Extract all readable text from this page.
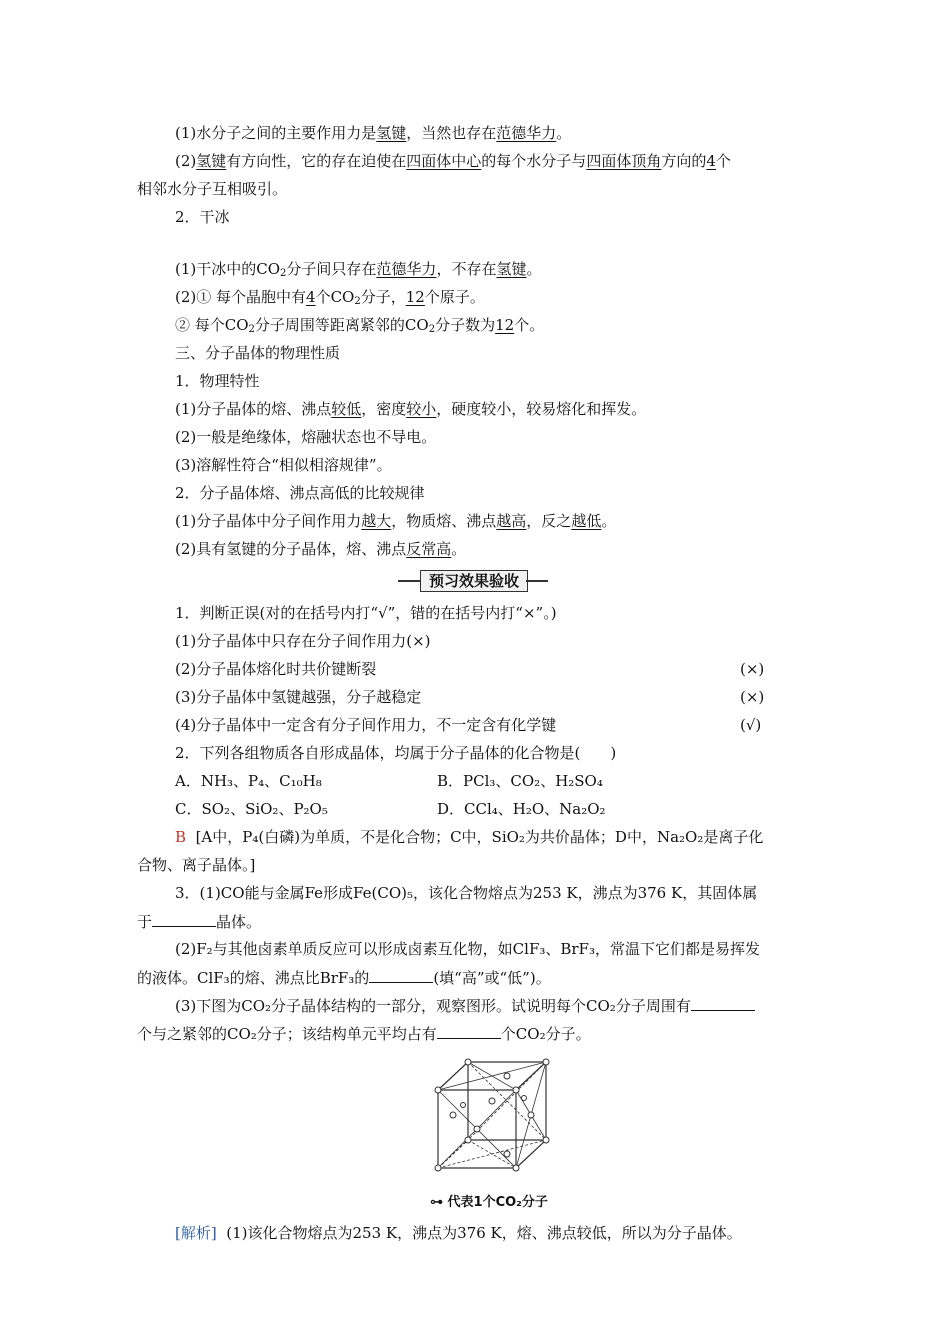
(1)水分子之间的主要作用力是氢键，当然也存在范德华力。
(2)氢键有方向性，它的存在迫使在四面体中心的每个水分子与四面体顶角方向的4个
相邻水分子互相吸引。
2．干冰
(1)干冰中的$CO_2$分子间只存在范德华力，不存在氢键。
(2)① 每个晶胞中有4个$CO_2$分子，12个原子。
② 每个$CO_2$分子周围等距离紧邻的$CO_2$分子数为12个。
三、分子晶体的物理性质
1．物理特性
(1)分子晶体的熔、沸点较低，密度较小，硬度较小，较易熔化和挥发。
(2)一般是绝缘体，熔融状态也不导电。
(3)溶解性符合“相似相溶规律”。
2．分子晶体熔、沸点高低的比较规律
(1)分子晶体中分子间作用力越大，物质熔、沸点越高，反之越低。
(2)具有氢键的分子晶体，熔、沸点反常高。
预习效果验收
1．判断正误(对的在括号内打“√”，错的在括号内打“×”。)
(1)分子晶体中只存在分子间作用力(×)
(2)分子晶体熔化时共价键断裂	(×)
(3)分子晶体中氢键越强，分子越稳定	(×)
(4)分子晶体中一定含有分子间作用力，不一定含有化学键	(√)
2．下列各组物质各自形成晶体，均属于分子晶体的化合物是(　　)
A．NH₃、P₄、C₁₀H₈	B．PCl₃、CO₂、H₂SO₄
C．SO₂、SiO₂、P₂O₅	D．CCl₄、H₂O、Na₂O₂
B [A中，P₄(白磷)为单质，不是化合物；C中，SiO₂为共价晶体；D中，Na₂O₂是离子化
合物、离子晶体。]
3．(1)CO能与金属Fe形成Fe(CO)₅，该化合物熔点为253 K，沸点为376 K，其固体属
于	晶体。
(2)F₂与其他卤素单质反应可以形成卤素互化物，如ClF₃、BrF₃，常温下它们都是易挥发
的液体。ClF₃的熔、沸点比BrF₃的	(填“高”或“低”)。
(3)下图为CO₂分子晶体结构的一部分，观察图形。试说明每个CO₂分子周围有
个与之紧邻的CO₂分子；该结构单元平均占有	个CO₂分子。
⊶ 代表1个CO₂分子
[解析] (1)该化合物熔点为253 K，沸点为376 K，熔、沸点较低，所以为分子晶体。
